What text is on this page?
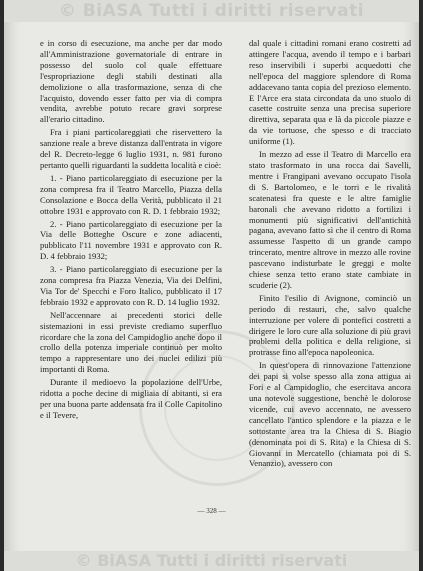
© BiASA Tutti i diritti riservati

e in corso di esecuzione, ma anche per dar modo all'Amministrazione governatoriale di entrare in possesso del suolo col quale effettuare l'espropriazione degli stabili destinati alla demolizione o alla trasformazione, senza di che l'acquisto, dovendo esser fatto per via di compra vendita, avrebbe potuto recare gravi sorprese all'erario cittadino.

Fra i piani particolareggiati che riservettero la sanzione reale a breve distanza dall'entrata in vigore del R. Decreto-legge 6 luglio 1931, n. 981 furono pertanto quelli riguardanti la suddetta località e cioè:

1. - Piano particolareggiato di esecuzione per la zona compresa fra il Teatro Marcello, Piazza della Consolazione e Bocca della Verità, pubblicato il 21 ottobre 1931 e approvato con R. D. 1 febbraio 1932;

2. - Piano particolareggiato di esecuzione per la Via delle Botteghe Oscure e zone adiacenti, pubblicato l'11 novembre 1931 e approvato con R. D. 4 febbraio 1932;

3. - Piano particolareggiato di esecuzione per la zona compresa fra Piazza Venezia, Via dei Delfini, Via Tor de' Specchi e Foro Italico, pubblicato il 17 febbraio 1932 e approvato con R. D. 14 luglio 1932.

Nell'accennare ai precedenti storici delle sistemazioni in essi previste crediamo superfluo ricordare che la zona del Campidoglio anche dopo il crollo della potenza imperiale continuò per molto tempo a rappresentare uno dei nuclei edilizi più importanti di Roma.

Durante il medioevo la popolazione dell'Urbe, ridotta a poche decine di migliaia di abitanti, si era per una buona parte addensata fra il Colle Capitolino e il Tevere,

dal quale i cittadini romani erano costretti ad attingere l'acqua, avendo il tempo e i barbari reso inservibili i superbi acquedotti che nell'epoca del maggiore splendore di Roma addacevano tanta copia del prezioso elemento. E l'Arce era stata circondata da uno stuolo di casette costruite senza una precisa superiore direttiva, separata qua e là da piccole piazze e da vie tortuose, che spesso e di tracciato uniforme (1).

In mezzo ad esse il Teatro di Marcello era stato trasformato in una rocca dai Savelli, mentre i Frangipani avevano occupato l'isola di S. Bartolomeo, e le torri e le rivalità scatenatesi fra queste e le altre famiglie baronali che avevano ridotto a fortilizi i monumenti più significativi dell'antichità pagana, avevano fatto sì che il centro di Roma assumesse l'aspetto di un grande campo trincerato, mentre altrove in mezzo alle rovine pascevano indisturbate le greggi e molte chiese senza tetto erano state cambiate in scuderie (2).

Finito l'esilio di Avignone, cominciò un periodo di restauri, che, salvo qualche interruzione per volere di pontefici costretti a dirigere le loro cure alla soluzione di più gravi problemi della politica e della religione, si protrasse fino all'epoca napoleonica.

In quest'opera di rinnovazione l'attenzione dei papi si volse spesso alla zona attigua ai Fori e al Campidoglio, che esercitava ancora una notevole suggestione, benchè le dolorose vicende, cui avevo accennato, ne avessero cancellato l'antico splendore e la piazza e le sottostante area tra la Chiesa di S. Biagio (denominata poi di S. Rita) e la Chiesa di S. Giovanni in Mercatello (chiamata poi di S. Venanzio), avessero con

— 328 —
© BiASA Tutti i diritti riservati
